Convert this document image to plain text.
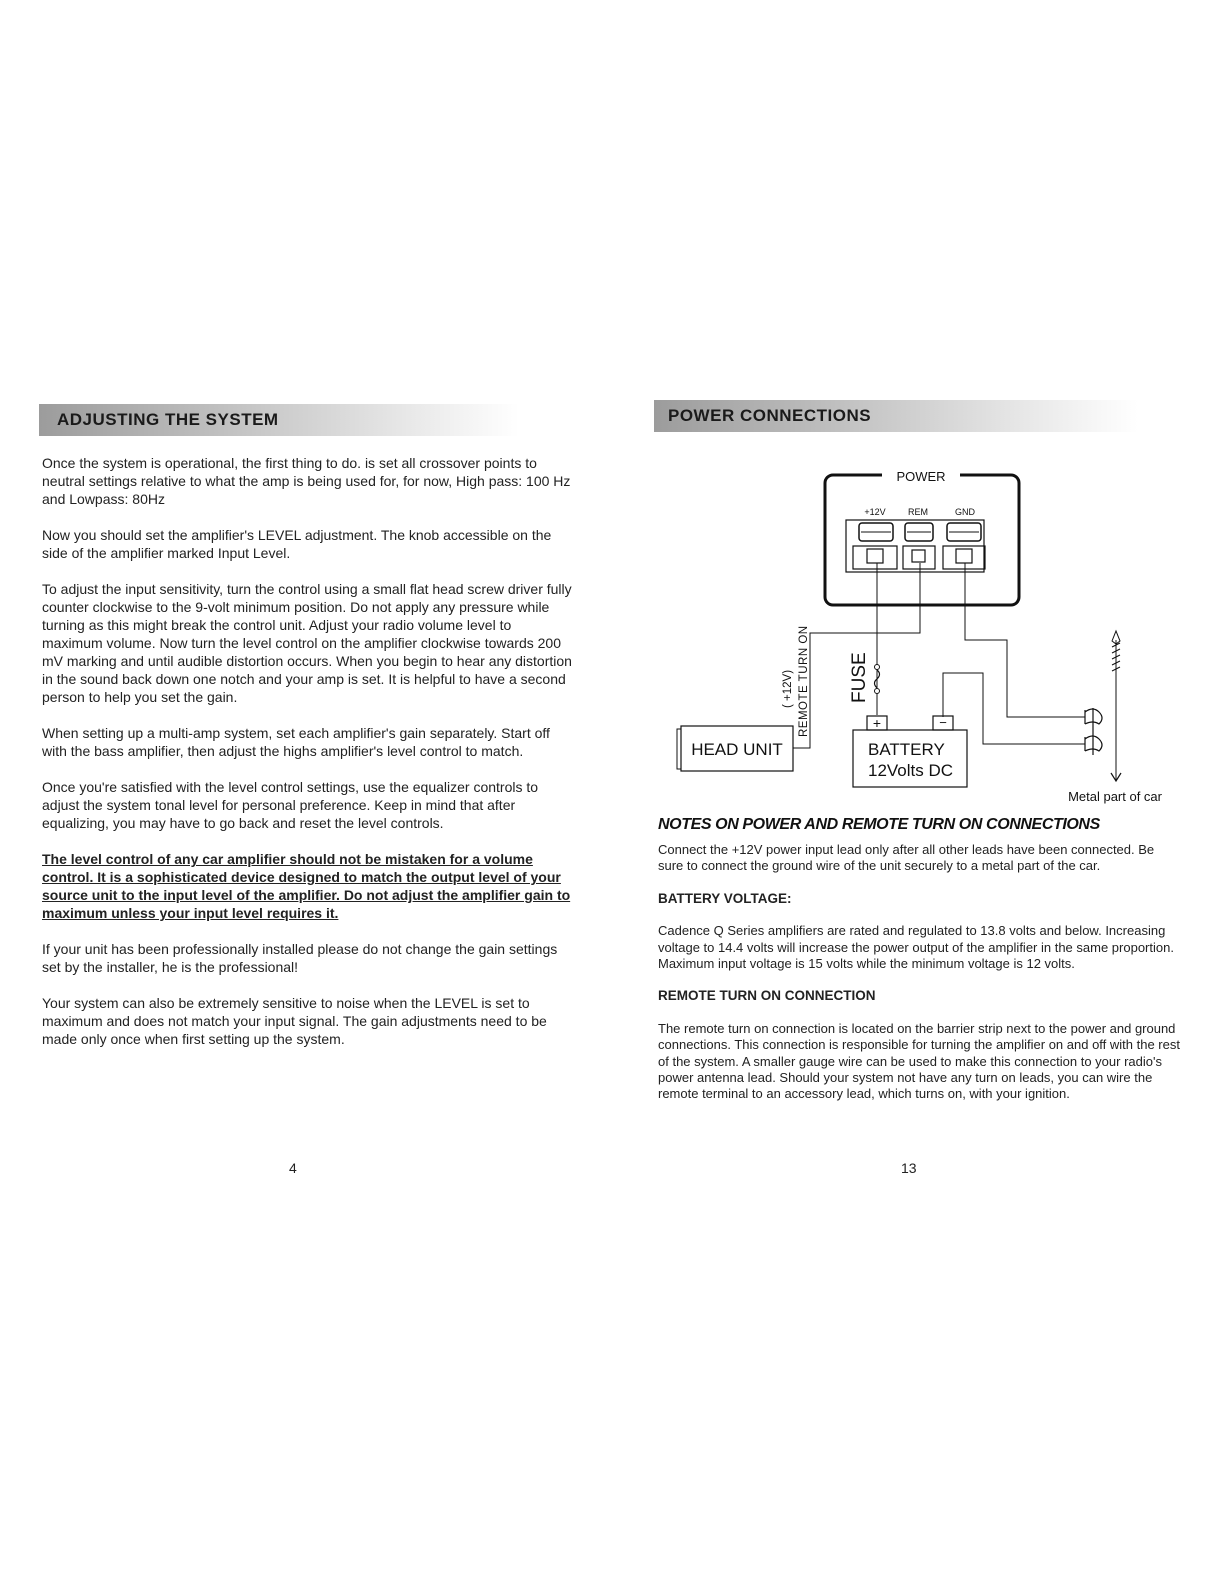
ADJUSTING THE SYSTEM

Once the system is operational, the first thing to do. is set all crossover points to neutral settings relative to what the amp is being used for, for now, High pass: 100 Hz and Lowpass: 80Hz

Now you should set the amplifier's LEVEL adjustment. The knob accessible on the side of the amplifier marked Input Level.

To adjust the input sensitivity, turn the control using a small flat head screw driver fully counter clockwise to the 9-volt minimum position. Do not apply any pressure while turning as this might break the control unit. Adjust your radio volume level to maximum volume. Now turn the level control on the amplifier clockwise towards 200 mV marking and until audible distortion occurs. When you begin to hear any distortion in the sound back down one notch and your amp is set. It is helpful to have a second person to help you set the gain.

When setting up a multi-amp system, set each amplifier's gain separately. Start off with the bass amplifier, then adjust the highs amplifier's level control to match.

Once you're satisfied with the level control settings, use the equalizer controls to adjust the system tonal level for personal preference. Keep in mind that after equalizing, you may have to go back and reset the level controls.

The level control of any car amplifier should not be mistaken for a volume control. It is a sophisticated device designed to match the output level of your source unit to the input level of the amplifier. Do not adjust the amplifier gain to maximum unless your input level requires it.

If your unit has been professionally installed please do not change the gain settings set by the installer, he is the professional!

Your system can also be extremely sensitive to noise when the LEVEL is set to maximum and does not match your input signal. The gain adjustments need to be made only once when first setting up the system.

4
POWER CONNECTIONS
POWER
+12V REM	GND
FUSE
REMOTE TURN ON
( +12V)
HEAD UNIT
+	−
BATTERY
12Volts DC
Metal part of car
NOTES ON POWER AND REMOTE TURN ON CONNECTIONS

Connect the +12V power input lead only after all other leads have been connected. Be sure to connect the ground wire of the unit securely to a metal part of the car.

BATTERY VOLTAGE:

Cadence Q Series amplifiers are rated and regulated to 13.8 volts and below. Increasing voltage to 14.4 volts will increase the power output of the amplifier in the same proportion. Maximum input voltage is 15 volts while the minimum voltage is 12 volts.

REMOTE TURN ON CONNECTION

The remote turn on connection is located on the barrier strip next to the power and ground connections. This connection is responsible for turning the amplifier on and off with the rest of the system. A smaller gauge wire can be used to make this connection to your radio's power antenna lead. Should your system not have any turn on leads, you can wire the remote terminal to an accessory lead, which turns on, with your ignition.

13
